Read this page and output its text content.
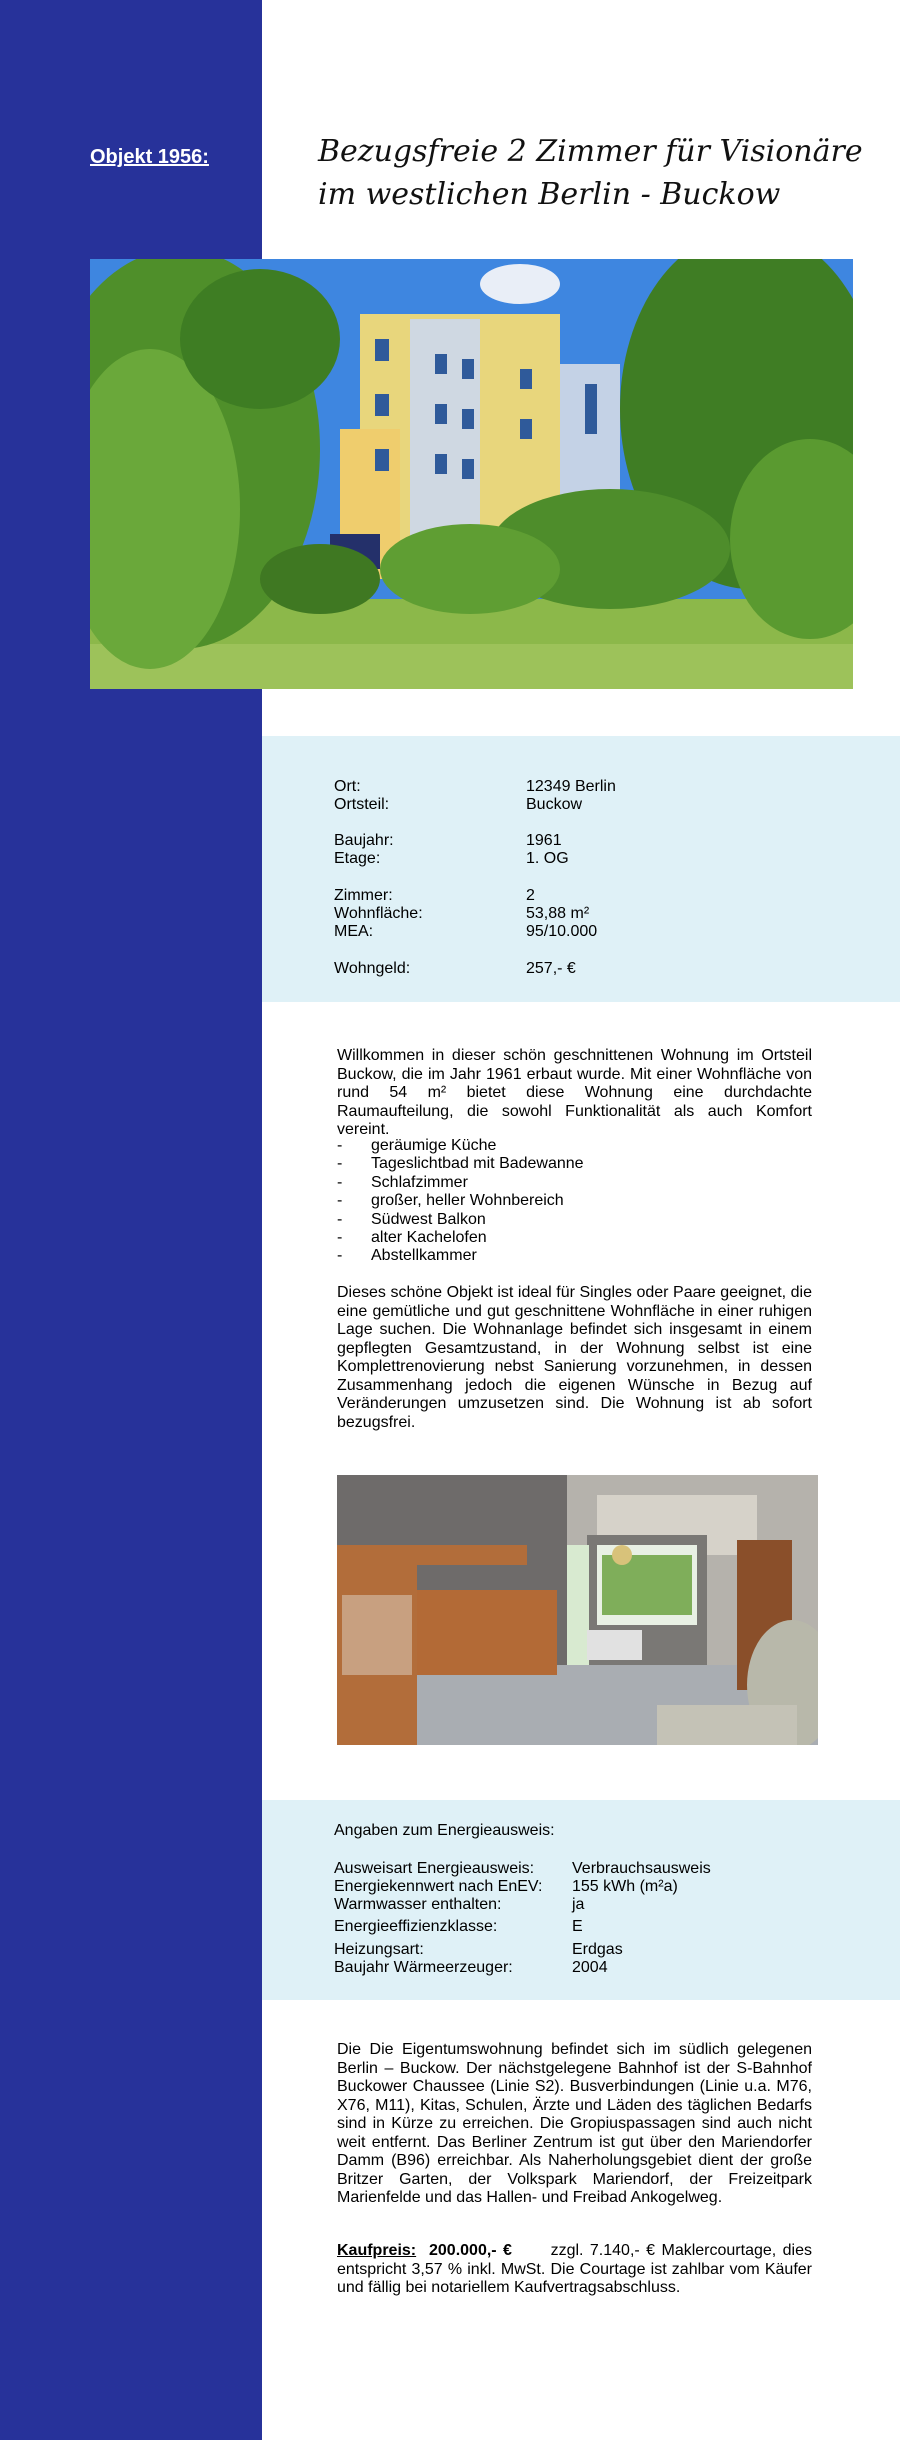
Objekt 1956:	Bezugsfreie 2 Zimmer für Visionäre
im westlichen Berlin - Buckow
Ort:	12349 Berlin
Ortsteil:	Buckow
Baujahr:	1961
Etage:	1. OG
Zimmer:	2
Wohnfläche:	53,88 m²
MEA:	95/10.000
Wohngeld:	257,- €
Willkommen in dieser schön geschnittenen Wohnung im Ortsteil Buckow, die im Jahr 1961 erbaut wurde. Mit einer Wohnfläche von rund 54 m² bietet diese Wohnung eine durchdachte Raumaufteilung, die sowohl Funktionalität als auch Komfort vereint.
- geräumige Küche
- Tageslichtbad mit Badewanne
- Schlafzimmer
- großer, heller Wohnbereich
- Südwest Balkon
- alter Kachelofen
- Abstellkammer
Dieses schöne Objekt ist ideal für Singles oder Paare geeignet, die eine gemütliche und gut geschnittene Wohnfläche in einer ruhigen Lage suchen. Die Wohnanlage befindet sich insgesamt in einem gepflegten Gesamtzustand, in der Wohnung selbst ist eine Komplettrenovierung nebst Sanierung vorzunehmen, in dessen Zusammenhang jedoch die eigenen Wünsche in Bezug auf Veränderungen umzusetzen sind. Die Wohnung ist ab sofort bezugsfrei.
Angaben zum Energieausweis:
Ausweisart Energieausweis: Verbrauchsausweis
Energiekennwert nach EnEV: 155 kWh (m²a)
Warmwasser enthalten:	ja
Energieeffizienzklasse:	E
Heizungsart:	Erdgas
Baujahr Wärmeerzeuger:	2004
Die Die Eigentumswohnung befindet sich im südlich gelegenen Berlin – Buckow. Der nächstgelegene Bahnhof ist der S-Bahnhof Buckower Chaussee (Linie S2). Busverbindungen (Linie u.a. M76, X76, M11), Kitas, Schulen, Ärzte und Läden des täglichen Bedarfs sind in Kürze zu erreichen. Die Gropiuspassagen sind auch nicht weit entfernt. Das Berliner Zentrum ist gut über den Mariendorfer Damm (B96) erreichbar. Als Naherholungsgebiet dient der große Britzer Garten, der Volkspark Mariendorf, der Freizeitpark Marienfelde und das Hallen- und Freibad Ankogelweg.
Kaufpreis: 200.000,- € zzgl. 7.140,- € Maklercourtage, dies entspricht 3,57 % inkl. MwSt. Die Courtage ist zahlbar vom Käufer und fällig bei notariellem Kaufvertragsabschluss.
